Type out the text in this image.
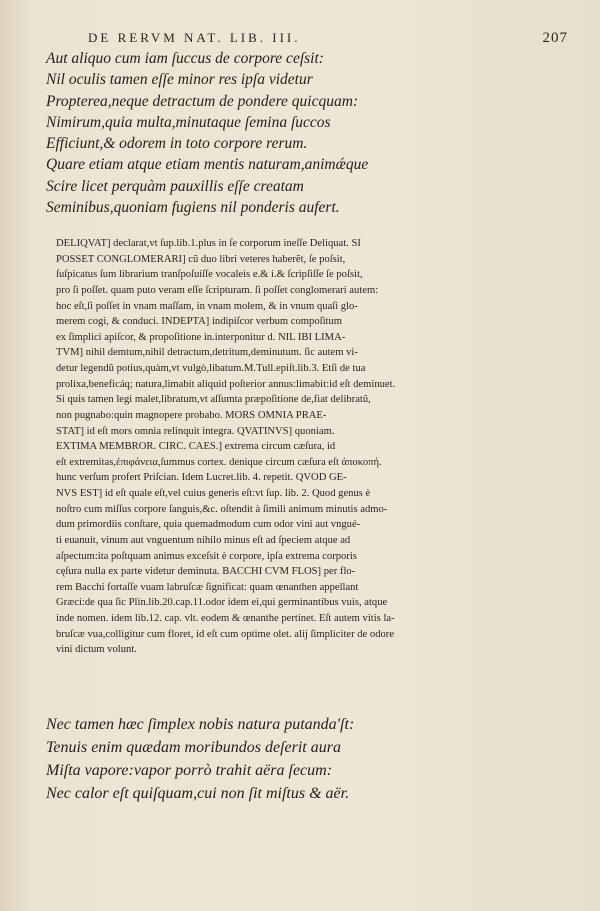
DE RERVM NAT. LIB. III.	207
Aut aliquo cum iam ſuccus de corpore ceſsit:
Nil oculis tamen eſſe minor res ipſa videtur
Propterea,neque detractum de pondere quicquam:
Nimirum,quia multa,minutaque ſemina ſuccos
Efficiunt,& odorem in toto corpore rerum.
Quare etiam atque etiam mentis naturam,animǽque
Scire licet perquàm pauxillis eſſe creatam
Seminibus,quoniam fugiens nil ponderis aufert.
DELIQVAT] declarat,vt ſup.lib.1.plus in ſe corporum ineſſe Deliquat. SI
POSSET CONGLOMERARI] cũ duo libri veteres haberẽt, ſe poſsit,
ſuſpicatus ſum librarium tranſpoſuiſſe vocaleis e.& i.& ſcripſiſſe ſe poſsit,
pro ſi poſſet. quam puto veram eſſe ſcripturam. ſi poſſet conglomerari autem:
hoc eſt,ſi poſſet in vnam maſſam, in vnam molem, & in vnum quaſi glo-
merem cogi, & conduci. INDEPTA] indipiſcor verbum compoſitum
ex ſimplici apiſcor, & propoſitione in.interponitur d. NIL IBI LIMA-
TVM] nihil demtum,nihil detractum,detritum,deminutum. ſic autem vi-
detur legendũ potius,quàm,vt vulgò,libatum.M.Tull.epiſt.lib.3. Etſi de tua
prolixa,beneficáq; natura,limabit aliquid poſterior annus:limabit:id eſt deminuet.
Si quis tamen legi malet,libratum,vt aſſumta præpoſitione de,fiat delibratũ,
non pugnabo:quin magnopere probabo. MORS OMNIA PRAE-
STAT] id eſt mors omnia relinquit integra. QVATINVS] quoniam.
EXTIMA MEMBROR. CIRC. CAES.] extrema circum cæſura, id
eſt extremitas,ἐπιφάνεια,ſummus cortex. denique circum cæſura eſt ἀποκοπή.
hunc verſum profert Priſcian. Idem Lucret.lib. 4. repetit. QVOD GE-
NVS EST] id eſt quale eſt,vel cuius generis eſt:vt ſup. lib. 2. Quod genus è
noſtro cum miſſus corpore ſanguis,&c. oſtendit à ſimili animum minutis admo-
dum primordiis conſtare, quia quemadmodum cum odor vini aut vngué-
ti euanuit, vinum aut vnguentum nihilo minus eſt ad ſpeciem atque ad
aſpectum:ita poſtquam animus exceſsit è corpore, ipſa extrema corporis
cęſura nulla ex parte videtur deminuta. BACCHI CVM FLOS] per flo-
rem Bacchi fortaſſe vuam labruſcæ ſignificat: quam œnanthen appellant
Græci:de qua ſic Plin.lib.20.cap.11.odor idem ei,qui germinantibus vuis, atque
inde nomen. idem lib.12. cap. vlt. eodem & œnanthe pertinet. Eſt autem vitis la-
bruſcæ vua,colligitur cum floret, id eſt cum optime olet. alij ſimpliciter de odore
vini dictum volunt.
Nec tamen hæc ſimplex nobis natura putanda'ſt:
Tenuis enim quædam moribundos deſerit aura
Miſta vapore:vapor porrò trahit aëra ſecum:
Nec calor eſt quiſquam,cui non ſit miſtus & aër.
